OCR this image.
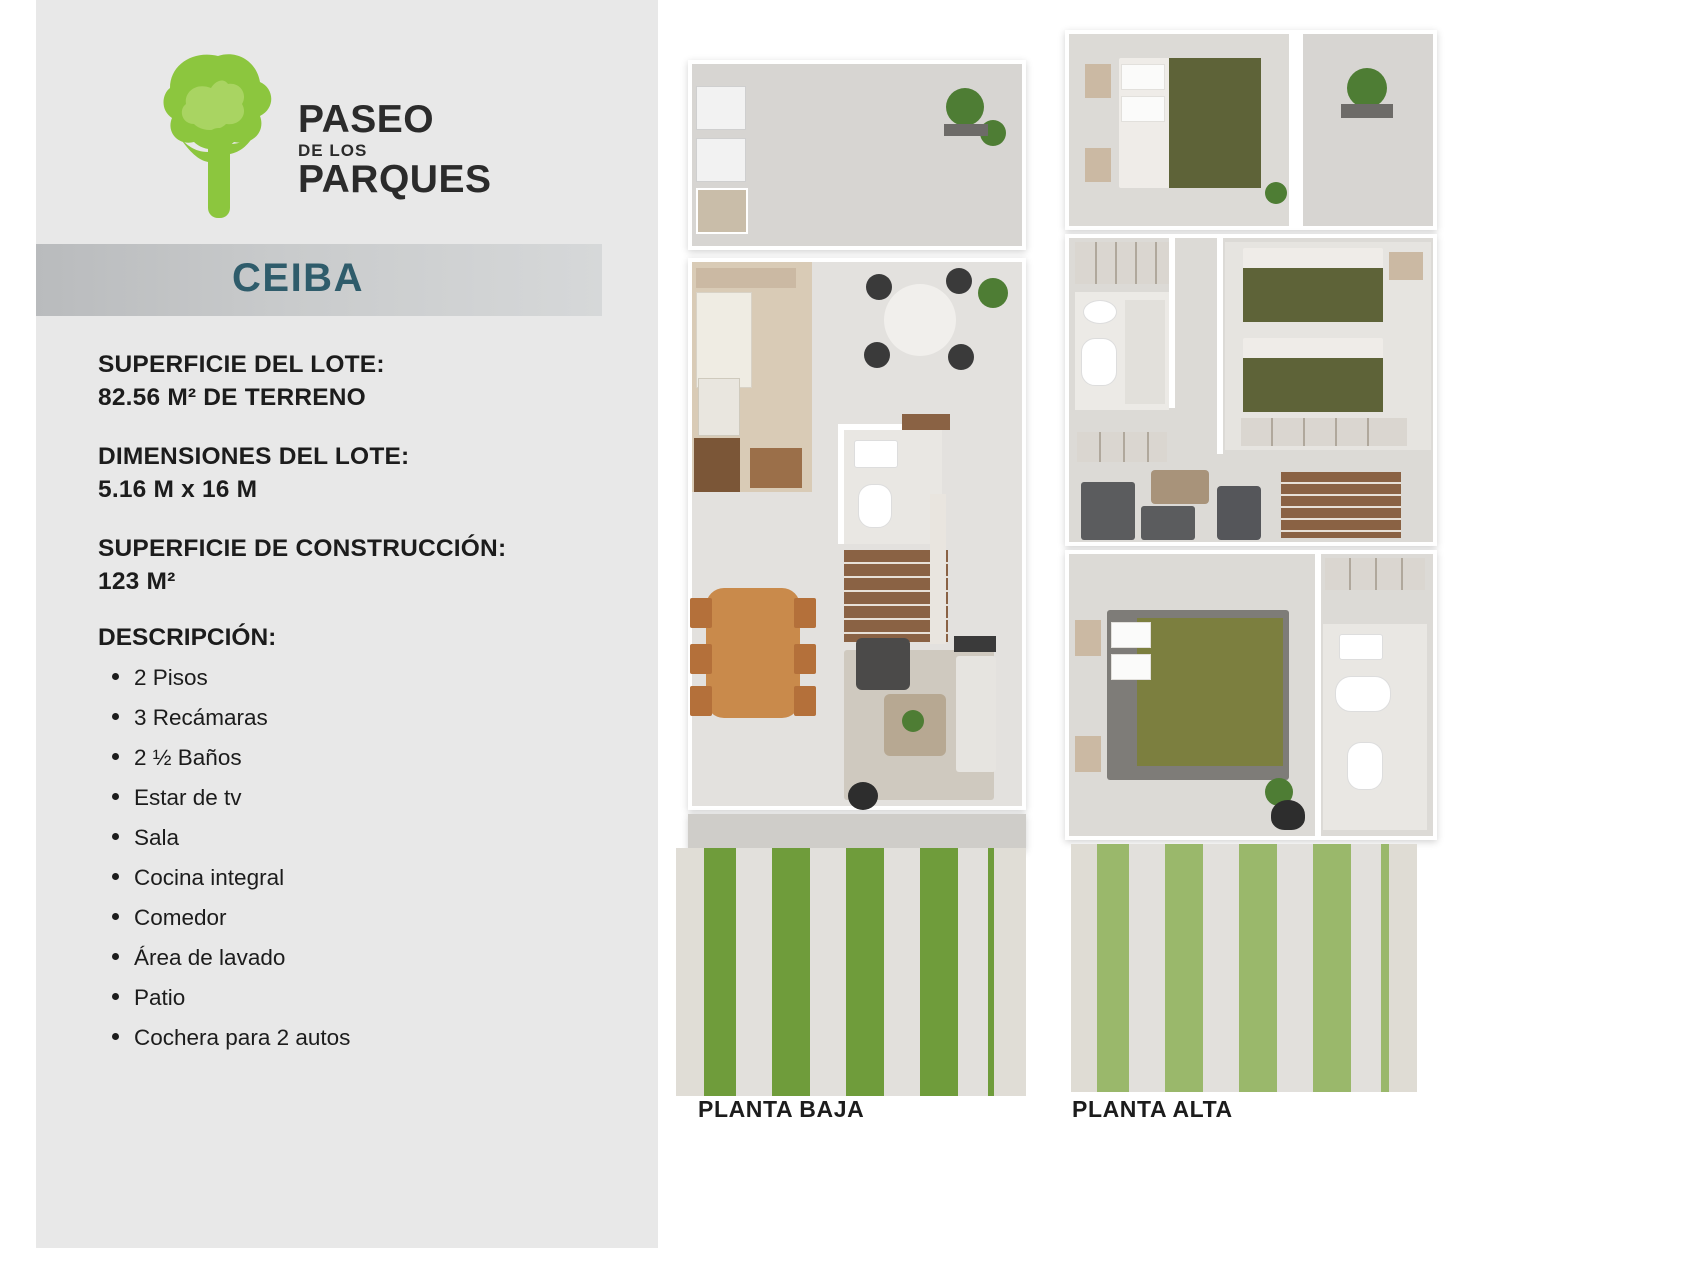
PASEO
DE LOS
PARQUES
CEIBA
SUPERFICIE DEL LOTE:
82.56 M² DE TERRENO
DIMENSIONES DEL LOTE:
5.16 M x 16 M
SUPERFICIE DE CONSTRUCCIÓN:
123 M²
DESCRIPCIÓN:
2 Pisos
3 Recámaras
2 ½ Baños
Estar de tv
Sala
Cocina integral
Comedor
Área de lavado
Patio
Cochera para 2 autos
PLANTA BAJA	PLANTA ALTA
